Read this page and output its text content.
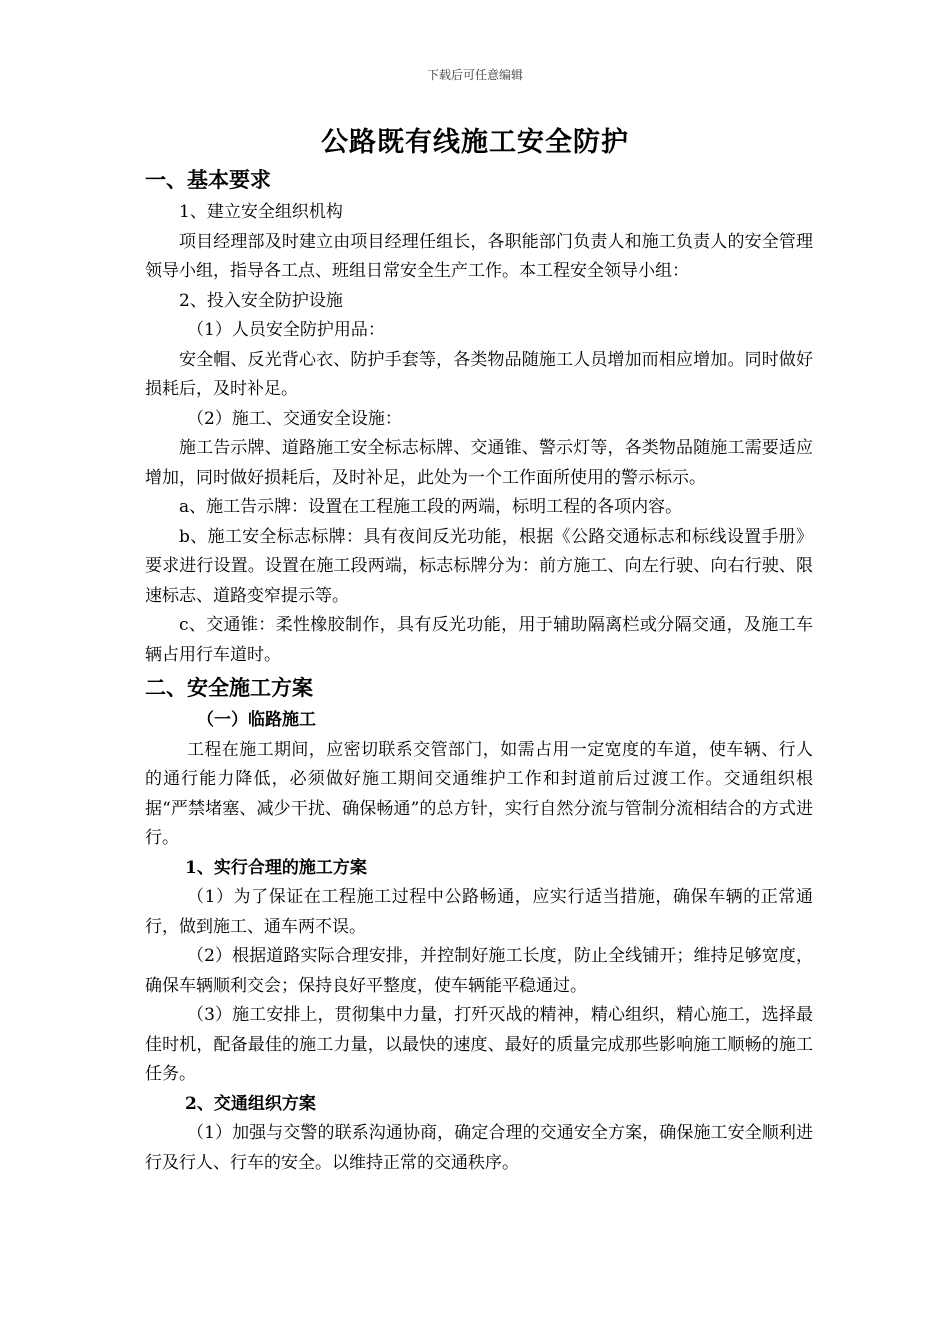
下载后可任意编辑
公路既有线施工安全防护

一、基本要求

1、建立安全组织机构

项目经理部及时建立由项目经理任组长，各职能部门负责人和施工负责人的安全管理领导小组，指导各工点、班组日常安全生产工作。本工程安全领导小组：

2、投入安全防护设施

（1）人员安全防护用品：

安全帽、反光背心衣、防护手套等，各类物品随施工人员增加而相应增加。同时做好损耗后，及时补足。

（2）施工、交通安全设施：

施工告示牌、道路施工安全标志标牌、交通锥、警示灯等，各类物品随施工需要适应增加，同时做好损耗后，及时补足，此处为一个工作面所使用的警示标示。

a、施工告示牌：设置在工程施工段的两端，标明工程的各项内容。

b、施工安全标志标牌：具有夜间反光功能，根据《公路交通标志和标线设置手册》要求进行设置。设置在施工段两端，标志标牌分为：前方施工、向左行驶、向右行驶、限速标志、道路变窄提示等。

c、交通锥：柔性橡胶制作，具有反光功能，用于辅助隔离栏或分隔交通，及施工车辆占用行车道时。

二、安全施工方案

（一）临路施工

工程在施工期间，应密切联系交管部门，如需占用一定宽度的车道，使车辆、行人的通行能力降低，必须做好施工期间交通维护工作和封道前后过渡工作。交通组织根据“严禁堵塞、减少干扰、确保畅通”的总方针，实行自然分流与管制分流相结合的方式进行。

1、实行合理的施工方案

（1）为了保证在工程施工过程中公路畅通，应实行适当措施，确保车辆的正常通行，做到施工、通车两不误。

（2）根据道路实际合理安排，并控制好施工长度，防止全线铺开；维持足够宽度，确保车辆顺利交会；保持良好平整度，使车辆能平稳通过。

（3）施工安排上，贯彻集中力量，打歼灭战的精神，精心组织，精心施工，选择最佳时机，配备最佳的施工力量，以最快的速度、最好的质量完成那些影响施工顺畅的施工任务。

2、交通组织方案

（1）加强与交警的联系沟通协商，确定合理的交通安全方案，确保施工安全顺利进行及行人、行车的安全。以维持正常的交通秩序。
